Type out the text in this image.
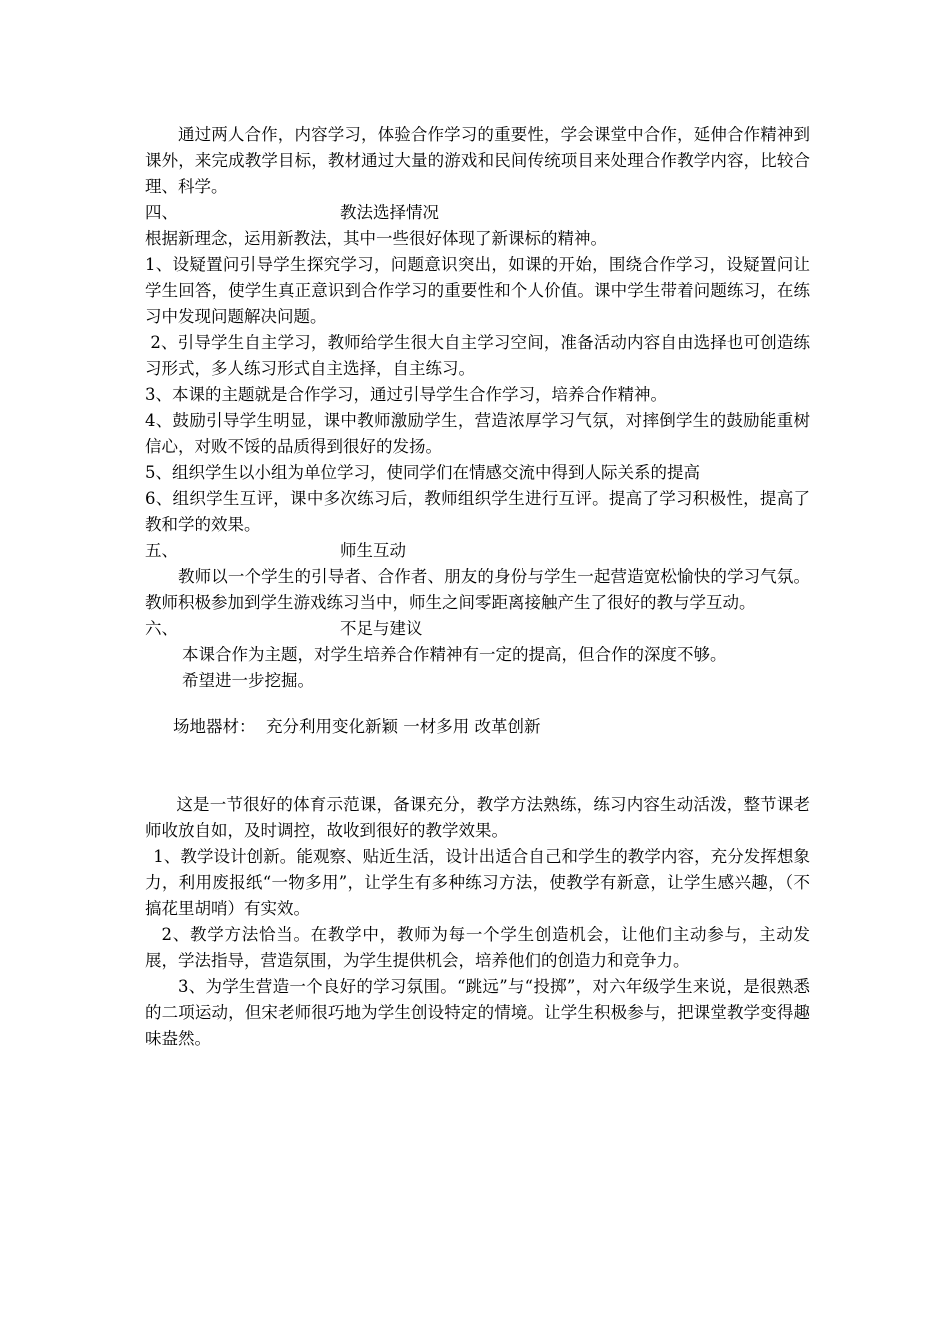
通过两人合作，内容学习，体验合作学习的重要性，学会课堂中合作，延伸合作精神到课外，来完成教学目标，教材通过大量的游戏和民间传统项目来处理合作教学内容，比较合理、科学。

四、	教法选择情况

根据新理念，运用新教法，其中一些很好体现了新课标的精神。

1、设疑置问引导学生探究学习，问题意识突出，如课的开始，围绕合作学习，设疑置问让学生回答，使学生真正意识到合作学习的重要性和个人价值。课中学生带着问题练习，在练习中发现问题解决问题。

2、引导学生自主学习，教师给学生很大自主学习空间，准备活动内容自由选择也可创造练习形式，多人练习形式自主选择，自主练习。

3、本课的主题就是合作学习，通过引导学生合作学习，培养合作精神。

4、鼓励引导学生明显，课中教师激励学生，营造浓厚学习气氛，对摔倒学生的鼓励能重树信心，对败不馁的品质得到很好的发扬。

5、组织学生以小组为单位学习，使同学们在情感交流中得到人际关系的提高

6、组织学生互评，课中多次练习后，教师组织学生进行互评。提高了学习积极性，提高了教和学的效果。

五、	师生互动

教师以一个学生的引导者、合作者、朋友的身份与学生一起营造宽松愉快的学习气氛。教师积极参加到学生游戏练习当中，师生之间零距离接触产生了很好的教与学互动。

六、	不足与建议

本课合作为主题，对学生培养合作精神有一定的提高，但合作的深度不够。

希望进一步挖掘。

场地器材：  充分利用变化新颖 一材多用 改革创新

这是一节很好的体育示范课，备课充分，教学方法熟练，练习内容生动活泼，整节课老师收放自如，及时调控，故收到很好的教学效果。

1、教学设计创新。能观察、贴近生活，设计出适合自己和学生的教学内容，充分发挥想象力，利用废报纸“一物多用”，让学生有多种练习方法，使教学有新意，让学生感兴趣，（不搞花里胡哨）有实效。

2、教学方法恰当。在教学中，教师为每一个学生创造机会，让他们主动参与，主动发展，学法指导，营造氛围，为学生提供机会，培养他们的创造力和竞争力。

3、为学生营造一个良好的学习氛围。“跳远”与“投掷”，对六年级学生来说，是很熟悉的二项运动，但宋老师很巧地为学生创设特定的情境。让学生积极参与，把课堂教学变得趣味盎然。
